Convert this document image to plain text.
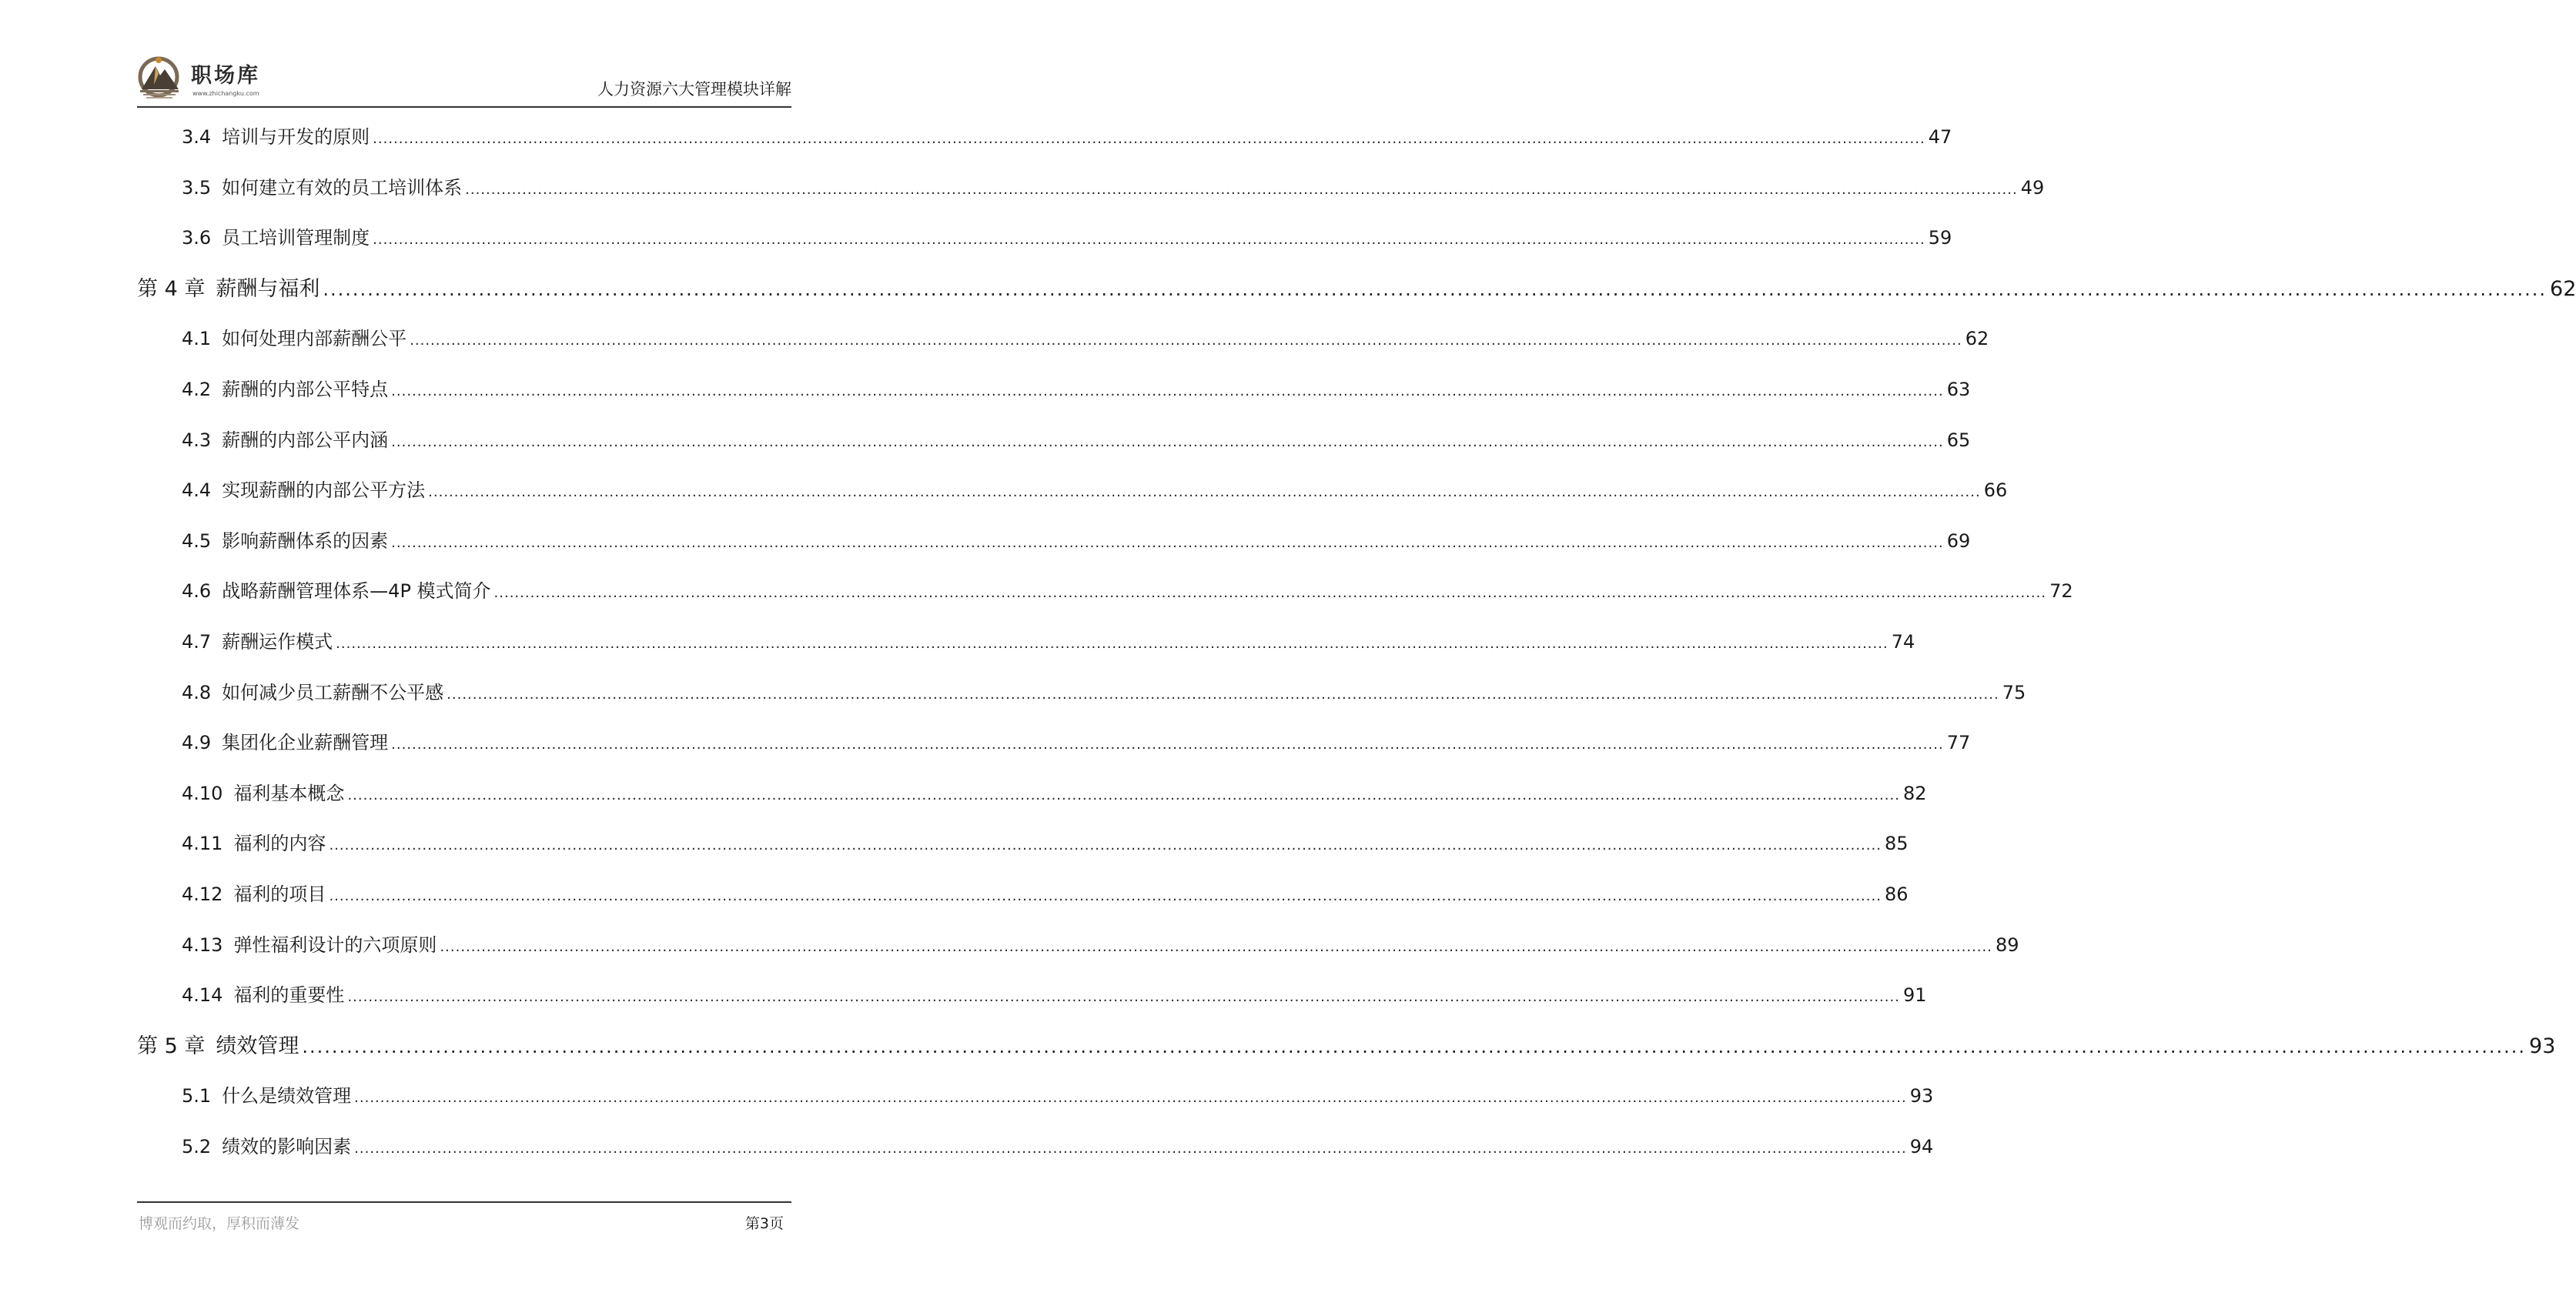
职场库
www.zhichangku.com	人力资源六大管理模块详解
3.4 培训与开发的原则 ............................................................................................................................................................................................................................................................................................................ 47
3.5 如何建立有效的员工培训体系 ............................................................................................................................................................................................................................................................................................................ 49
3.6 员工培训管理制度 ............................................................................................................................................................................................................................................................................................................ 59
第 4 章 薪酬与福利 ............................................................................................................................................................................................................................................................................................................ 62
4.1 如何处理内部薪酬公平 ............................................................................................................................................................................................................................................................................................................ 62
4.2 薪酬的内部公平特点 ............................................................................................................................................................................................................................................................................................................ 63
4.3 薪酬的内部公平内涵 ............................................................................................................................................................................................................................................................................................................ 65
4.4 实现薪酬的内部公平方法 ............................................................................................................................................................................................................................................................................................................ 66
4.5 影响薪酬体系的因素 ............................................................................................................................................................................................................................................................................................................ 69
4.6 战略薪酬管理体系—4P 模式简介 ............................................................................................................................................................................................................................................................................................................ 72
4.7 薪酬运作模式 ............................................................................................................................................................................................................................................................................................................ 74
4.8 如何减少员工薪酬不公平感 ............................................................................................................................................................................................................................................................................................................ 75
4.9 集团化企业薪酬管理 ............................................................................................................................................................................................................................................................................................................ 77
4.10 福利基本概念 ............................................................................................................................................................................................................................................................................................................ 82
4.11 福利的内容 ............................................................................................................................................................................................................................................................................................................ 85
4.12 福利的项目 ............................................................................................................................................................................................................................................................................................................ 86
4.13 弹性福利设计的六项原则 ............................................................................................................................................................................................................................................................................................................ 89
4.14 福利的重要性 ............................................................................................................................................................................................................................................................................................................ 91
第 5 章 绩效管理 ............................................................................................................................................................................................................................................................................................................ 93
5.1 什么是绩效管理 ............................................................................................................................................................................................................................................................................................................ 93
5.2 绩效的影响因素 ............................................................................................................................................................................................................................................................................................................ 94
博观而约取，厚积而薄发	第3页
